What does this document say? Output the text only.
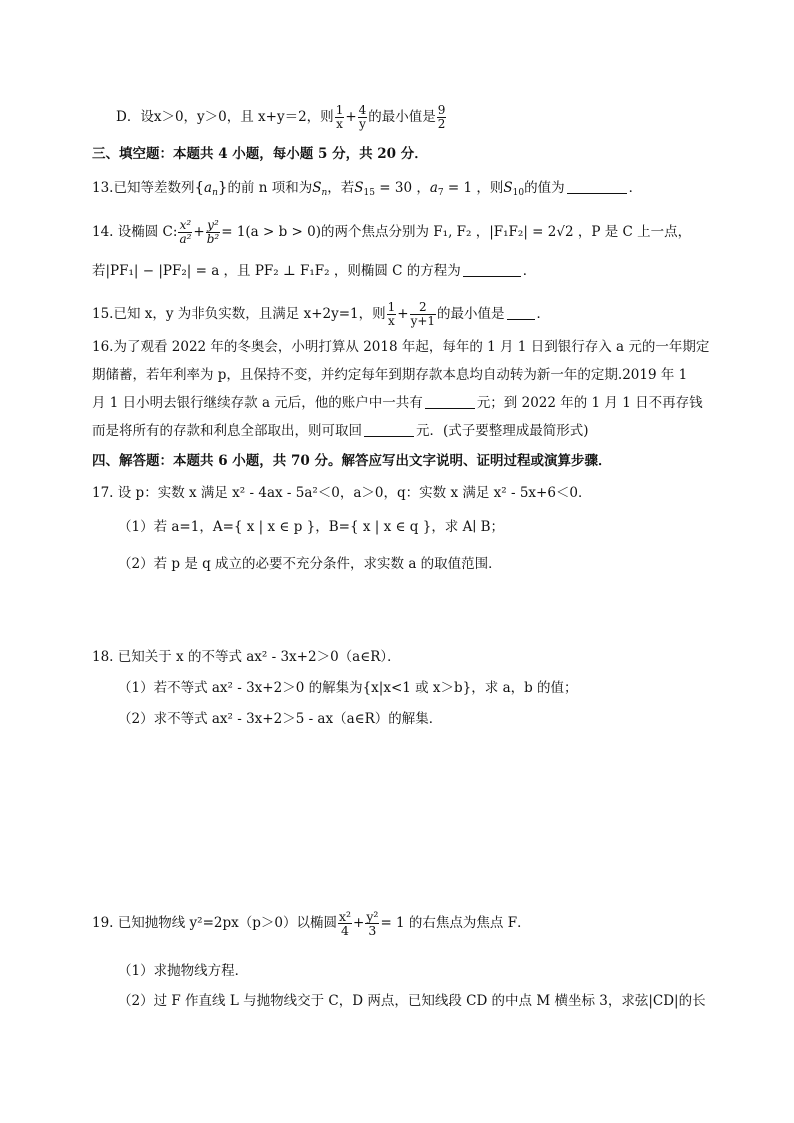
D．设x＞0，y＞0，且 x+y＝2，则 $\frac{1}{x} + \frac{4}{y}$ 的最小值是 $\frac{9}{2}$
三、填空题：本题共 4 小题，每小题 5 分，共 20 分．
13.已知等差数列$\{a_n\}$的前 n 项和为$S_n$，若$S_{15} = 30$ ，$a_7 = 1$ ，则$S_{10}$的值为	．
14. 设椭圆 C: $\frac{\text{x²}}{\text{a²}} + \frac{\text{y²}}{\text{b²}} = 1(a > b > 0)$的两个焦点分别为 F₁, F₂ ，|F₁F₂| = 2√2 ，P 是 C 上一点，
若|PF₁| − |PF₂| = a ，且 PF₂ ⊥ F₁F₂ ，则椭圆 C 的方程为	．
15.已知 x，y 为非负实数，且满足 x+2y=1，则 $\frac{1}{x} + \frac{2}{y+1}$ 的最小值是 ．
16.为了观看 2022 年的冬奥会，小明打算从 2018 年起，每年的 1 月 1 日到银行存入 a 元的一年期定
期储蓄，若年利率为 p，且保持不变，并约定每年到期存款本息均自动转为新一年的定期.2019 年 1
月 1 日小明去银行继续存款 a 元后，他的账户中一共有	元；到 2022 年的 1 月 1 日不再存钱
而是将所有的存款和利息全部取出，则可取回	元．(式子要整理成最简形式)
四、解答题：本题共 6 小题，共 70 分。解答应写出文字说明、证明过程或演算步骤．
17. 设 p：实数 x 满足 x² - 4ax - 5a²＜0，a＞0，q：实数 x 满足 x² - 5x+6＜0．
（1）若 a=1，A={ x | x ∈ p }，B={ x | x ∈ q }，求 A∣ B；
（2）若 p 是 q 成立的必要不充分条件，求实数 a 的取值范围．
18. 已知关于 x 的不等式 ax² - 3x+2＞0（a∈R）．
（1）若不等式 ax² - 3x+2＞0 的解集为{x|x<1 或 x＞b}，求 a，b 的值；
（2）求不等式 ax² - 3x+2＞5 - ax（a∈R）的解集．
19. 已知抛物线 y²=2px（p＞0）以椭圆 $\frac{\text{x²}}{4} + \frac{\text{y²}}{3} = 1$ 的右焦点为焦点 F．
（1）求抛物线方程．
（2）过 F 作直线 L 与抛物线交于 C，D 两点，已知线段 CD 的中点 M 横坐标 3，求弦|CD|的长
